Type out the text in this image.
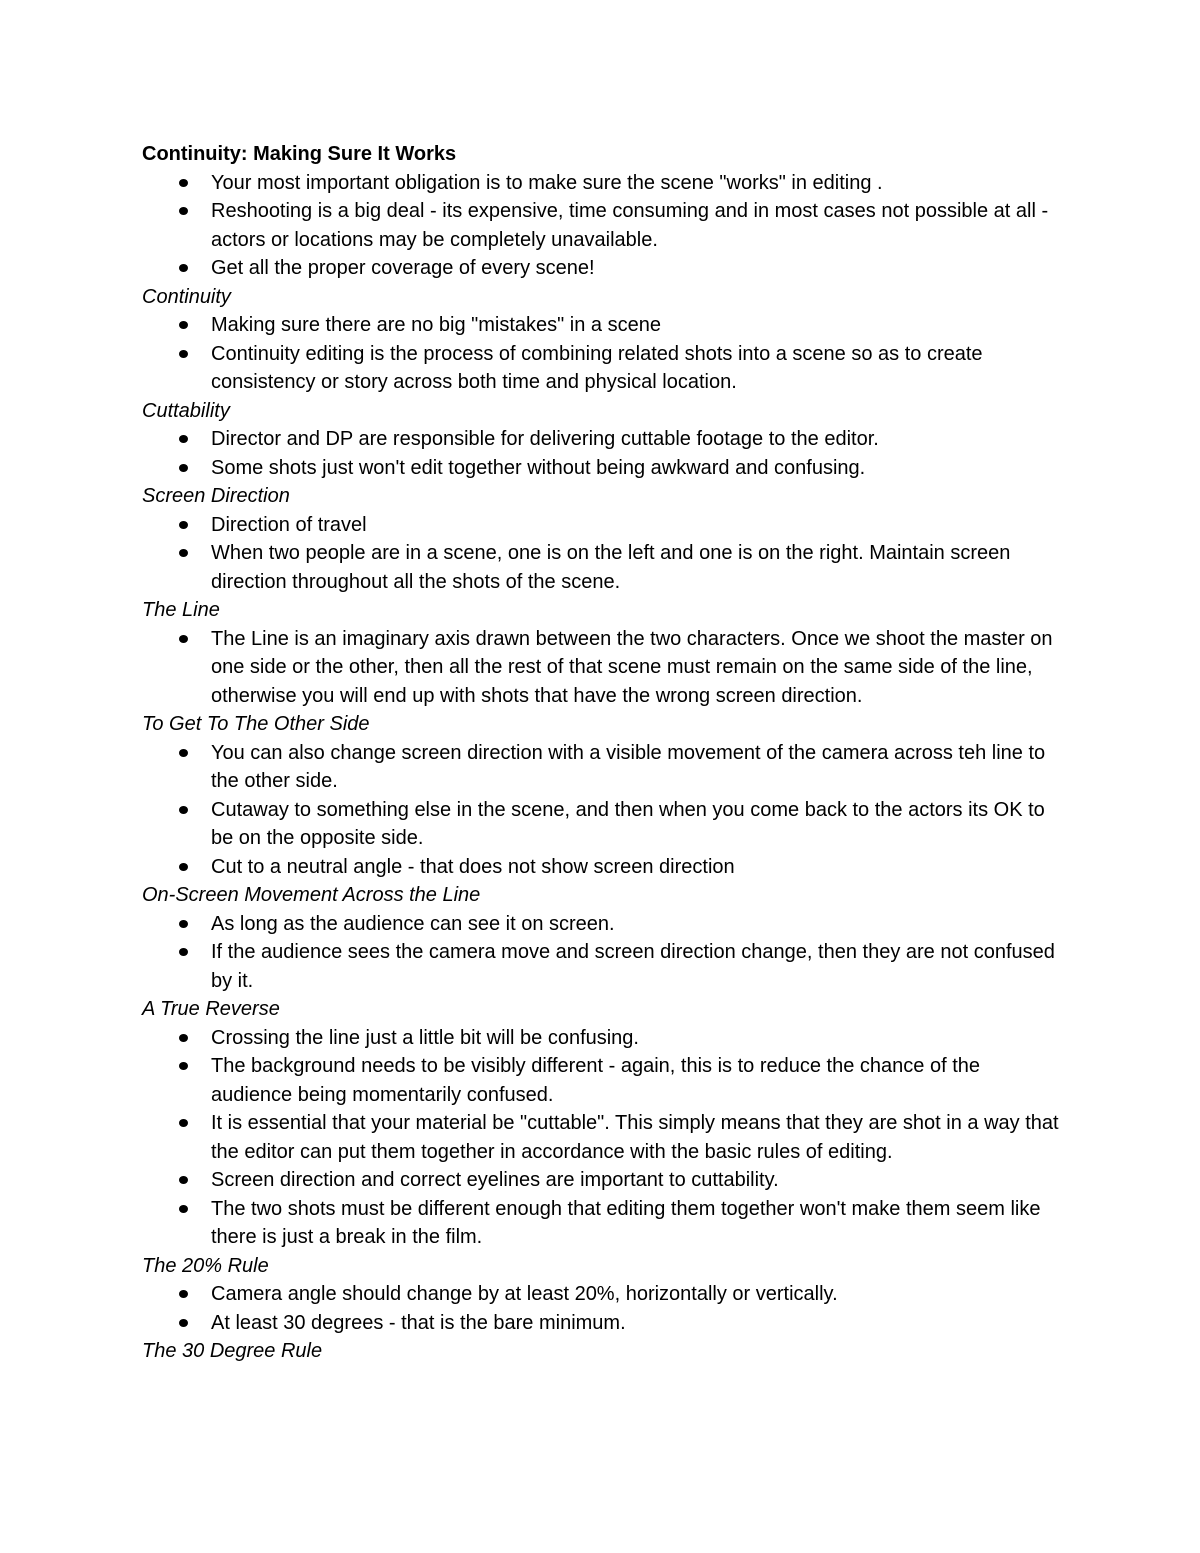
Continuity: Making Sure It Works
Your most important obligation is to make sure the scene "works" in editing .
Reshooting is a big deal - its expensive, time consuming and in most cases not possible at all - actors or locations may be completely unavailable.
Get all the proper coverage of every scene!
Continuity
Making sure there are no big "mistakes" in a scene
Continuity editing is the process of combining related shots into a scene so as to create consistency or story across both time and physical location.
Cuttability
Director and DP are responsible for delivering cuttable footage to the editor.
Some shots just won't edit together without being awkward and confusing.
Screen Direction
Direction of travel
When two people are in a scene, one is on the left and one is on the right. Maintain screen direction throughout all the shots of the scene.
The Line
The Line is an imaginary axis drawn between the two characters. Once we shoot the master on one side or the other, then all the rest of that scene must remain on the same side of the line, otherwise you will end up with shots that have the wrong screen direction.
To Get To The Other Side
You can also change screen direction with a visible movement of the camera across teh line to the other side.
Cutaway to something else in the scene, and then when you come back to the actors its OK to be on the opposite side.
Cut to a neutral angle - that does not show screen direction
On-Screen Movement Across the Line
As long as the audience can see it on screen.
If the audience sees the camera move and screen direction change, then they are not confused by it.
A True Reverse
Crossing the line just a little bit will be confusing.
The background needs to be visibly different - again, this is to reduce the chance of the audience being momentarily confused.
It is essential that your material be "cuttable". This simply means that they are shot in a way that the editor can put them together in accordance with the basic rules of editing.
Screen direction and correct eyelines are important to cuttability.
The two shots must be different enough that editing them together won't make them seem like there is just a break in the film.
The 20% Rule
Camera angle should change by at least 20%, horizontally or vertically.
At least 30 degrees - that is the bare minimum.
The 30 Degree Rule
